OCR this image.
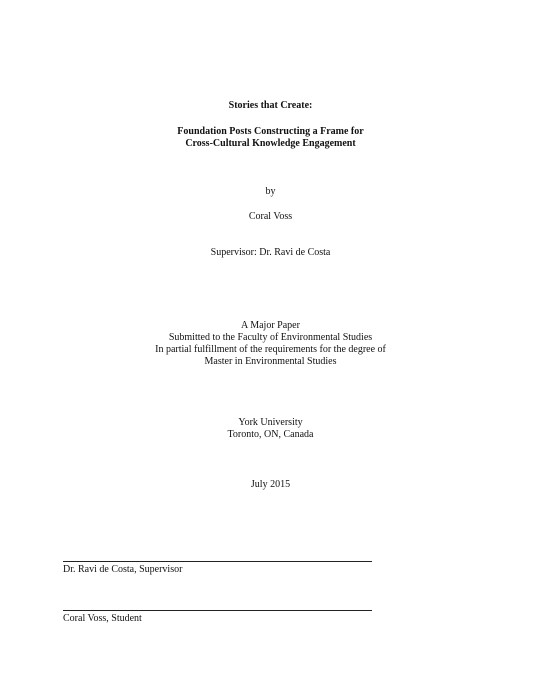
Stories that Create:
Foundation Posts Constructing a Frame for
Cross-Cultural Knowledge Engagement
by
Coral Voss
Supervisor: Dr. Ravi de Costa
A Major Paper
Submitted to the Faculty of Environmental Studies
In partial fulfillment of the requirements for the degree of
Master in Environmental Studies
York University
Toronto, ON, Canada
July 2015
Dr. Ravi de Costa, Supervisor
Coral Voss, Student
